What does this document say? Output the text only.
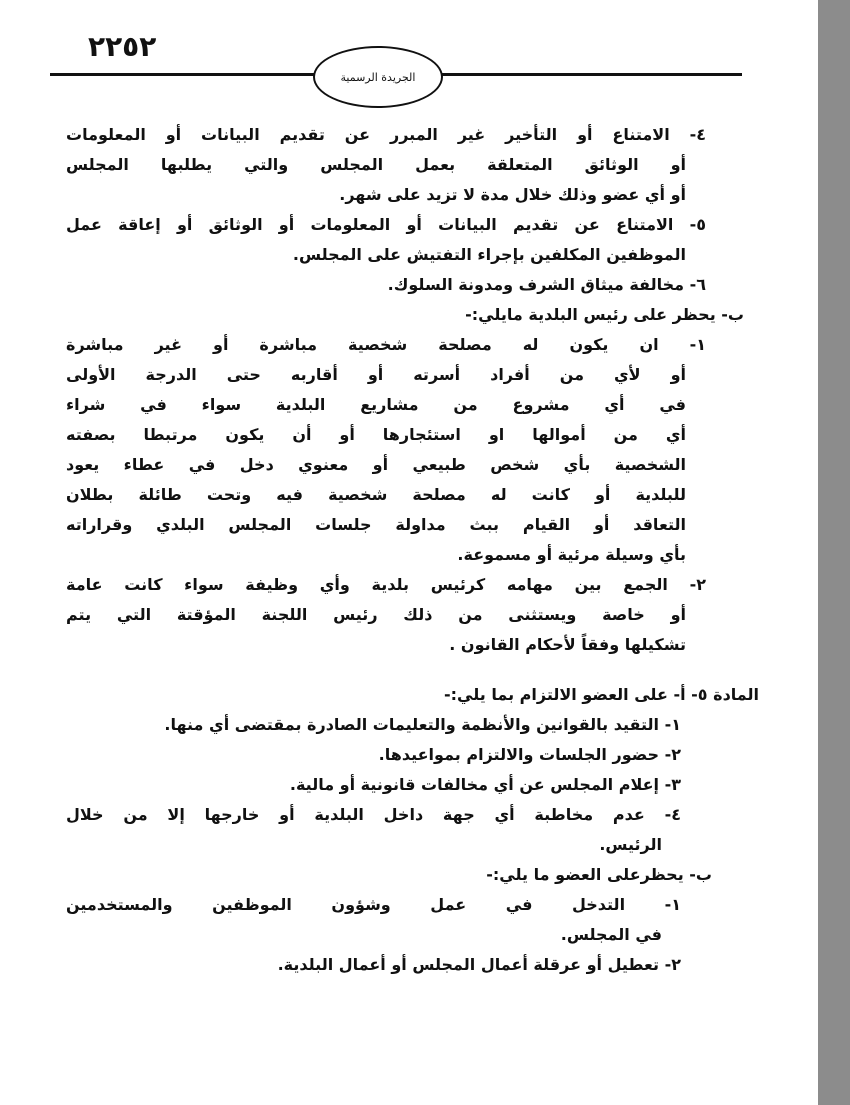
٢٢٥٢
الجريدة الرسمية
٤- الامتناع أو التأخير غير المبرر عن تقديم البيانات أو المعلومات
أو الوثائق المتعلقة بعمل المجلس والتي يطلبها المجلس
أو أي عضو وذلك خلال مدة لا تزيد على شهر.
٥- الامتناع عن تقديم البيانات أو المعلومات أو الوثائق أو إعاقة عمل
الموظفين المكلفين بإجراء التفتيش على المجلس.
٦- مخالفة ميثاق الشرف ومدونة السلوك.
ب- يحظر على رئيس البلدية مايلي:-
١- ان يكون له مصلحة شخصية مباشرة أو غير مباشرة
أو لأي من أفراد أسرته أو أقاربه حتى الدرجة الأولى
في أي مشروع من مشاريع البلدية سواء في شراء
أي من أموالها او استئجارها أو أن يكون مرتبطا بصفته
الشخصية بأي شخص طبيعي أو معنوي دخل في عطاء يعود
للبلدية أو كانت له مصلحة شخصية فيه وتحت طائلة بطلان
التعاقد أو القيام ببث مداولة جلسات المجلس البلدي وقراراته
بأي وسيلة مرئية أو مسموعة.
٢- الجمع بين مهامه كرئيس بلدية وأي وظيفة سواء كانت عامة
أو خاصة ويستثنى من ذلك رئيس اللجنة المؤقتة التي يتم
تشكيلها وفقاً لأحكام القانون .
المادة ٥- أ- على العضو الالتزام بما يلي:-
١- التقيد بالقوانين والأنظمة والتعليمات الصادرة بمقتضى أي منها.
٢- حضور الجلسات والالتزام بمواعيدها.
٣- إعلام المجلس عن أي مخالفات قانونية أو مالية.
٤- عدم مخاطبة أي جهة داخل البلدية أو خارجها إلا من خلال
الرئيس.
ب- يحظرعلى العضو ما يلي:-
١- التدخل في عمل وشؤون الموظفين والمستخدمين
في المجلس.
٢- تعطيل أو عرقلة أعمال المجلس أو أعمال البلدية.
